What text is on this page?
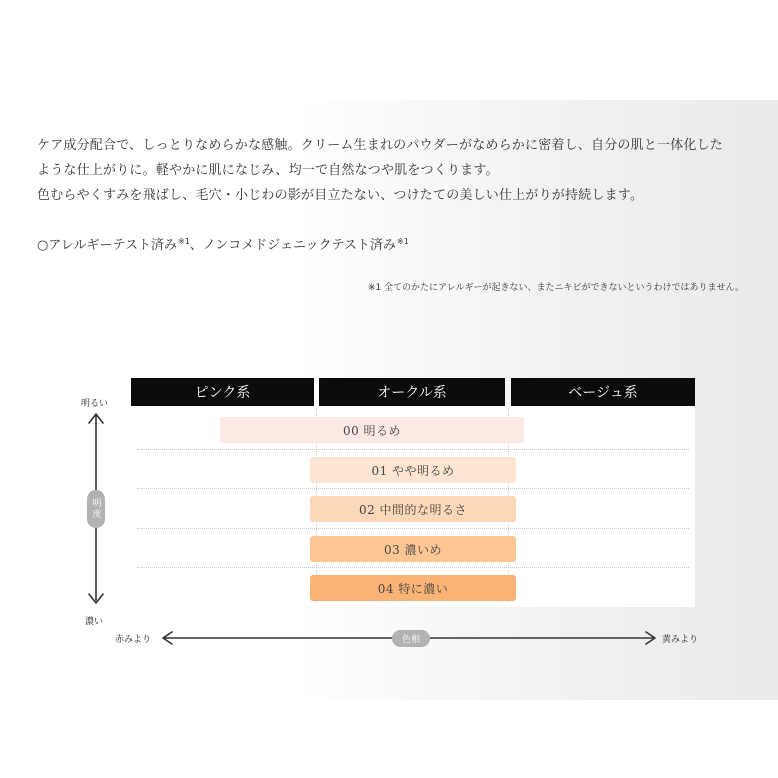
ケア成分配合で、しっとりなめらかな感触。クリーム生まれのパウダーがなめらかに密着し、自分の肌と一体化した

ような仕上がりに。軽やかに肌になじみ、均一で自然なつや肌をつくります。

色むらやくすみを飛ばし、毛穴・小じわの影が目立たない、つけたての美しい仕上がりが持続します。

○アレルギーテスト済み$^{※1}$、ノンコメドジェニックテスト済み$^{※1}$
※1 全てのかたにアレルギーが起きない、またニキビができないというわけではありません。
ピンク系	オークル系	ベージュ系
00 明るめ
01 やや明るめ
02 中間的な明るさ
03 濃いめ
04 特に濃い
明るい
明度
濃い
赤みより	色相	黄みより
